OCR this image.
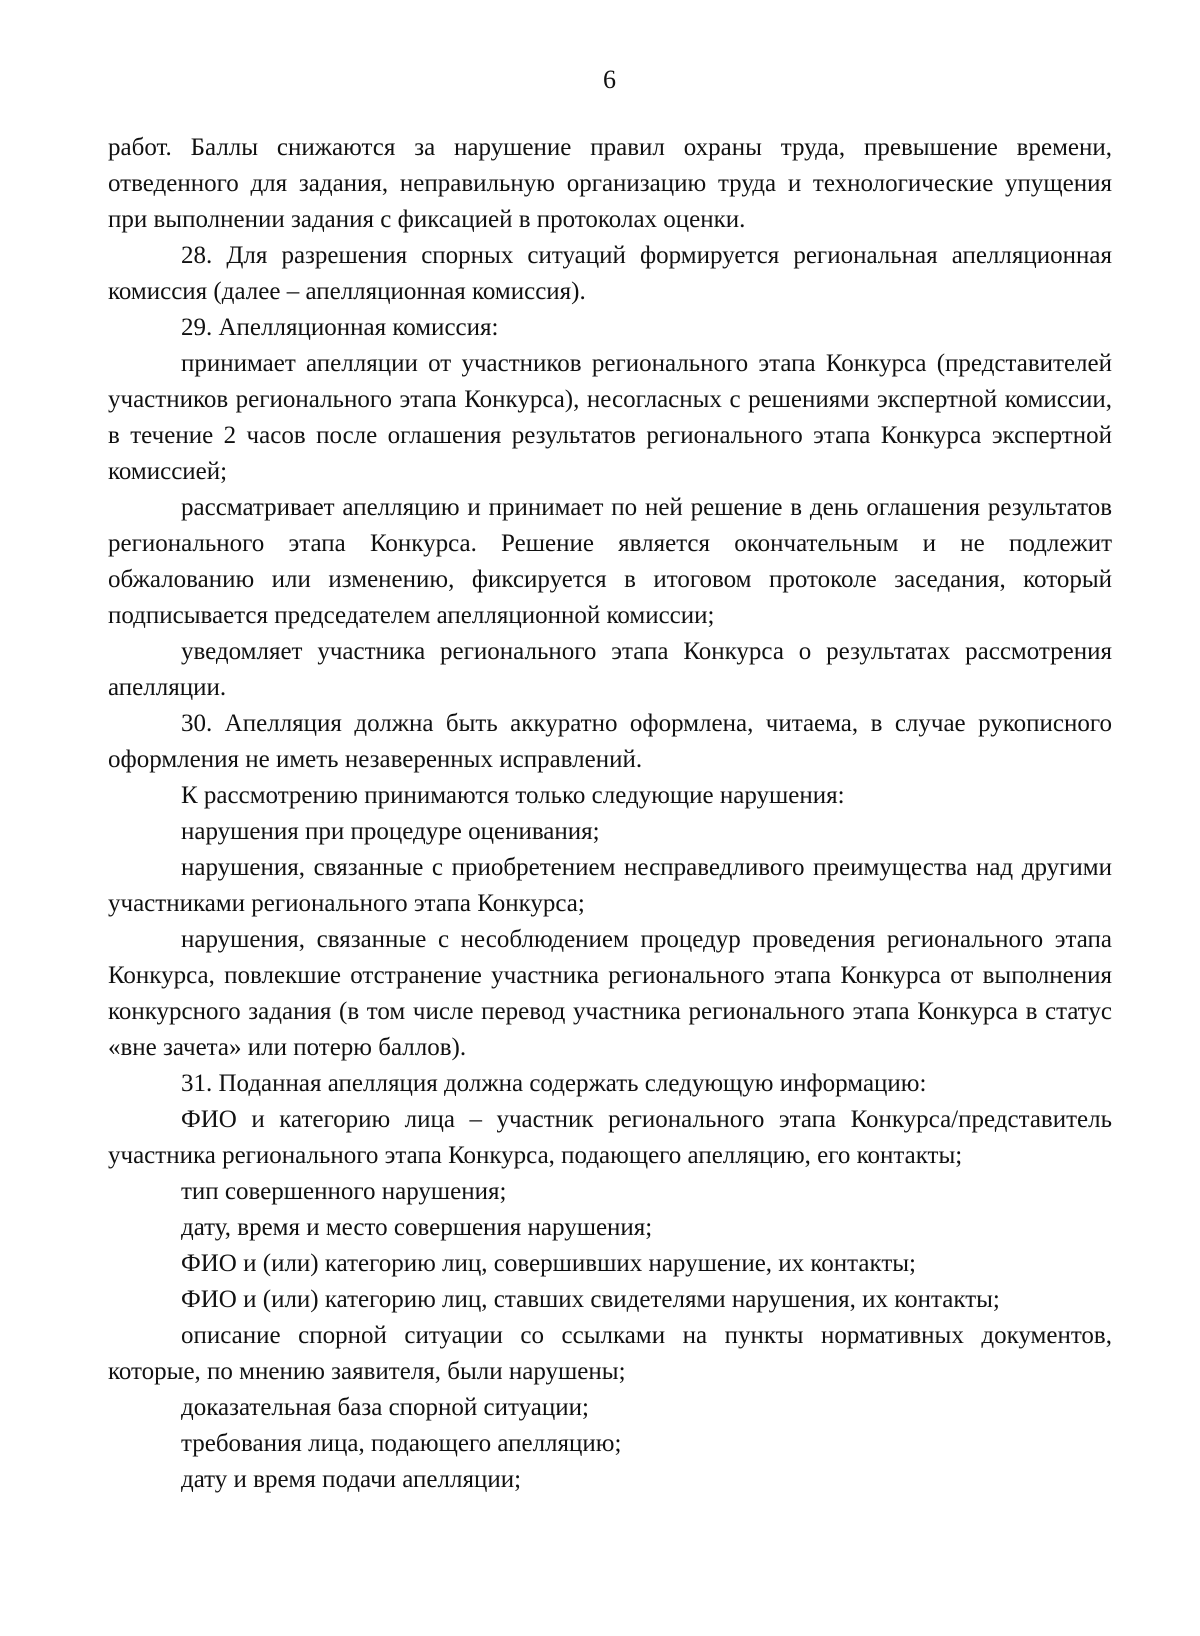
6

работ. Баллы снижаются за нарушение правил охраны труда, превышение времени, отведенного для задания, неправильную организацию труда и технологические упущения при выполнении задания с фиксацией в протоколах оценки.

28. Для разрешения спорных ситуаций формируется региональная апелляционная комиссия (далее – апелляционная комиссия).

29. Апелляционная комиссия:

принимает апелляции от участников регионального этапа Конкурса (представителей участников регионального этапа Конкурса), несогласных с решениями экспертной комиссии, в течение 2 часов после оглашения результатов регионального этапа Конкурса экспертной комиссией;

рассматривает апелляцию и принимает по ней решение в день оглашения результатов регионального этапа Конкурса. Решение является окончательным и не подлежит обжалованию или изменению, фиксируется в итоговом протоколе заседания, который подписывается председателем апелляционной комиссии;

уведомляет участника регионального этапа Конкурса о результатах рассмотрения апелляции.

30. Апелляция должна быть аккуратно оформлена, читаема, в случае рукописного оформления не иметь незаверенных исправлений.

К рассмотрению принимаются только следующие нарушения:

нарушения при процедуре оценивания;

нарушения, связанные с приобретением несправедливого преимущества над другими участниками регионального этапа Конкурса;

нарушения, связанные с несоблюдением процедур проведения регионального этапа Конкурса, повлекшие отстранение участника регионального этапа Конкурса от выполнения конкурсного задания (в том числе перевод участника регионального этапа Конкурса в статус «вне зачета» или потерю баллов).

31. Поданная апелляция должна содержать следующую информацию:

ФИО и категорию лица – участник регионального этапа Конкурса/представитель участника регионального этапа Конкурса, подающего апелляцию, его контакты;

тип совершенного нарушения;

дату, время и место совершения нарушения;

ФИО и (или) категорию лиц, совершивших нарушение, их контакты;

ФИО и (или) категорию лиц, ставших свидетелями нарушения, их контакты;

описание спорной ситуации со ссылками на пункты нормативных документов, которые, по мнению заявителя, были нарушены;

доказательная база спорной ситуации;

требования лица, подающего апелляцию;

дату и время подачи апелляции;
